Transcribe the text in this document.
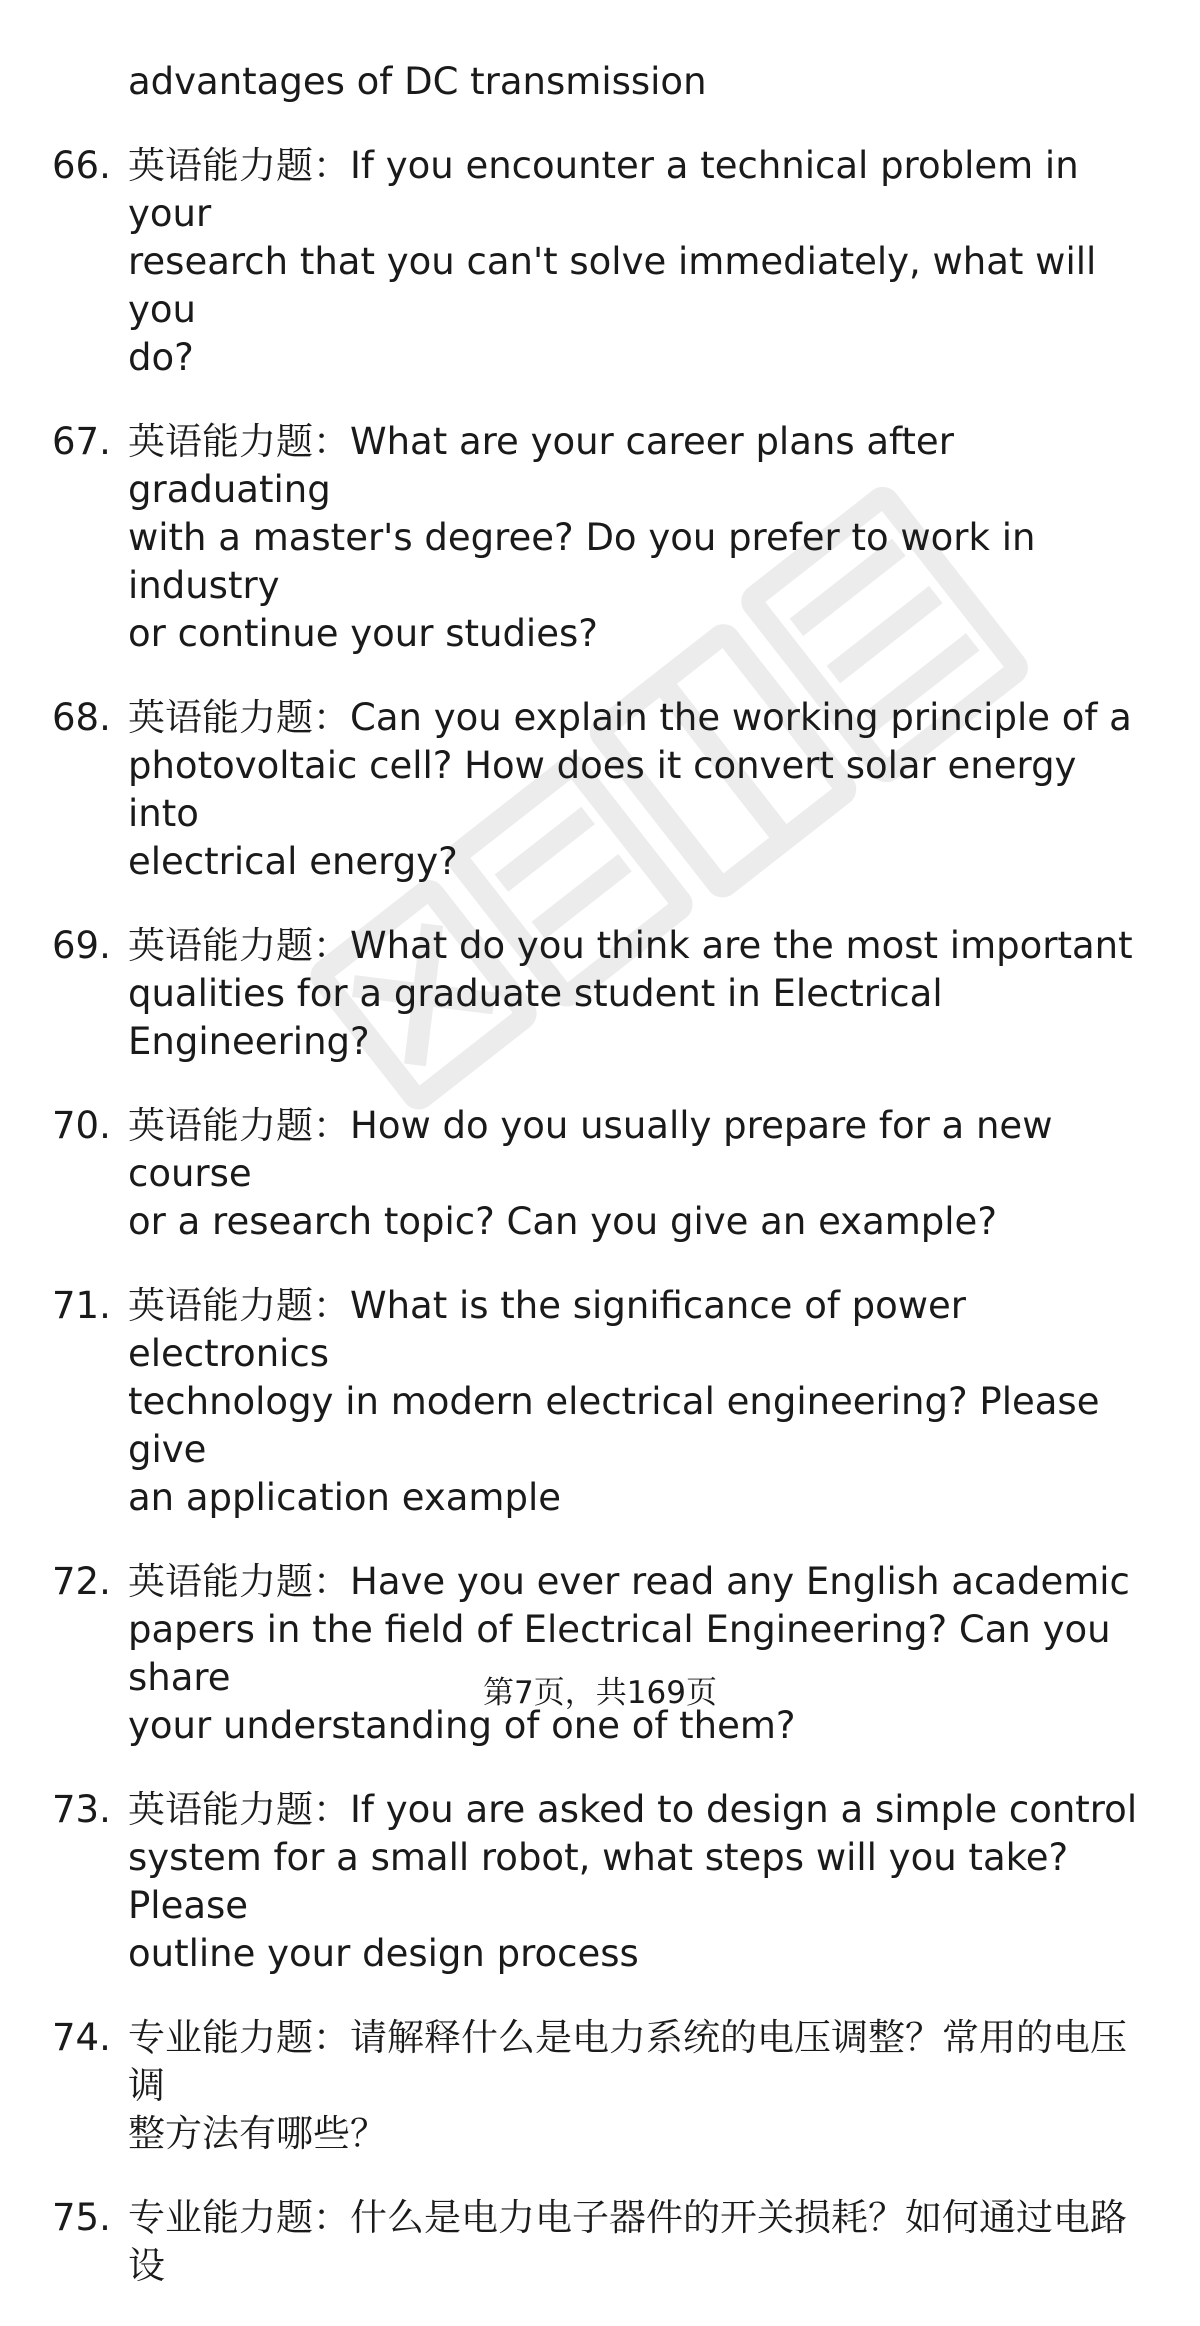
advantages of DC transmission

66. 英语能力题：If you encounter a technical problem in your
research that you can't solve immediately, what will you
do?
67. 英语能力题：What are your career plans after graduating
with a master's degree? Do you prefer to work in industry
or continue your studies?
68. 英语能力题：Can you explain the working principle of a
photovoltaic cell? How does it convert solar energy into
electrical energy?
69. 英语能力题：What do you think are the most important
qualities for a graduate student in Electrical Engineering?
70. 英语能力题：How do you usually prepare for a new course
or a research topic? Can you give an example?
71. 英语能力题：What is the significance of power electronics
technology in modern electrical engineering? Please give
an application example
72. 英语能力题：Have you ever read any English academic
papers in the field of Electrical Engineering? Can you share
your understanding of one of them?
73. 英语能力题：If you are asked to design a simple control
system for a small robot, what steps will you take? Please
outline your design process
74. 专业能力题：请解释什么是电力系统的电压调整？常用的电压调
整方法有哪些？
75. 专业能力题：什么是电力电子器件的开关损耗？如何通过电路设
第7页，共169页
